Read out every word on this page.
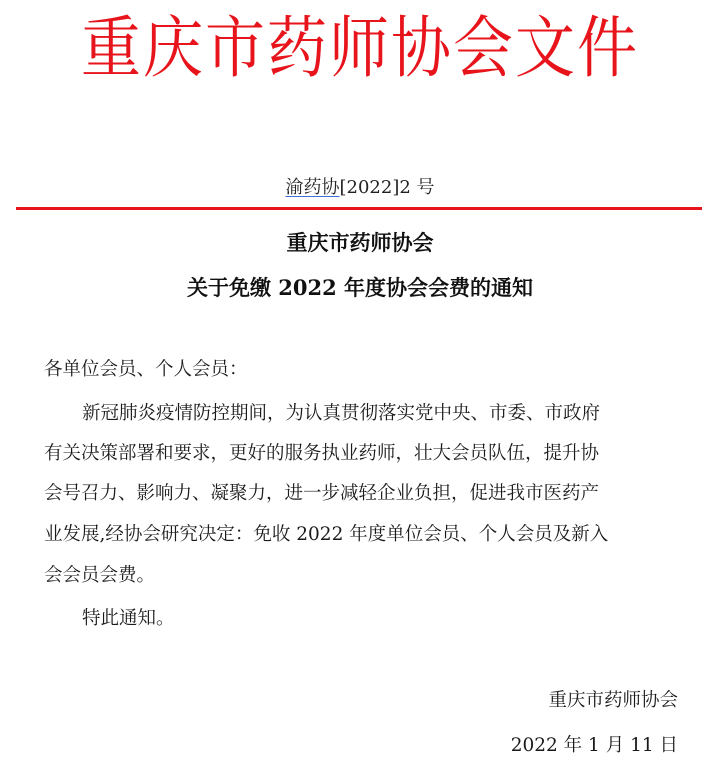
重庆市药师协会文件
渝药协[2022]2 号
重庆市药师协会
关于免缴 2022 年度协会会费的通知
各单位会员、个人会员：
新冠肺炎疫情防控期间，为认真贯彻落实党中央、市委、市政府
有关决策部署和要求，更好的服务执业药师，壮大会员队伍，提升协
会号召力、影响力、凝聚力，进一步减轻企业负担，促进我市医药产
业发展,经协会研究决定：免收 2022 年度单位会员、个人会员及新入
会会员会费。
特此通知。
重庆市药师协会
2022 年 1 月 11 日
